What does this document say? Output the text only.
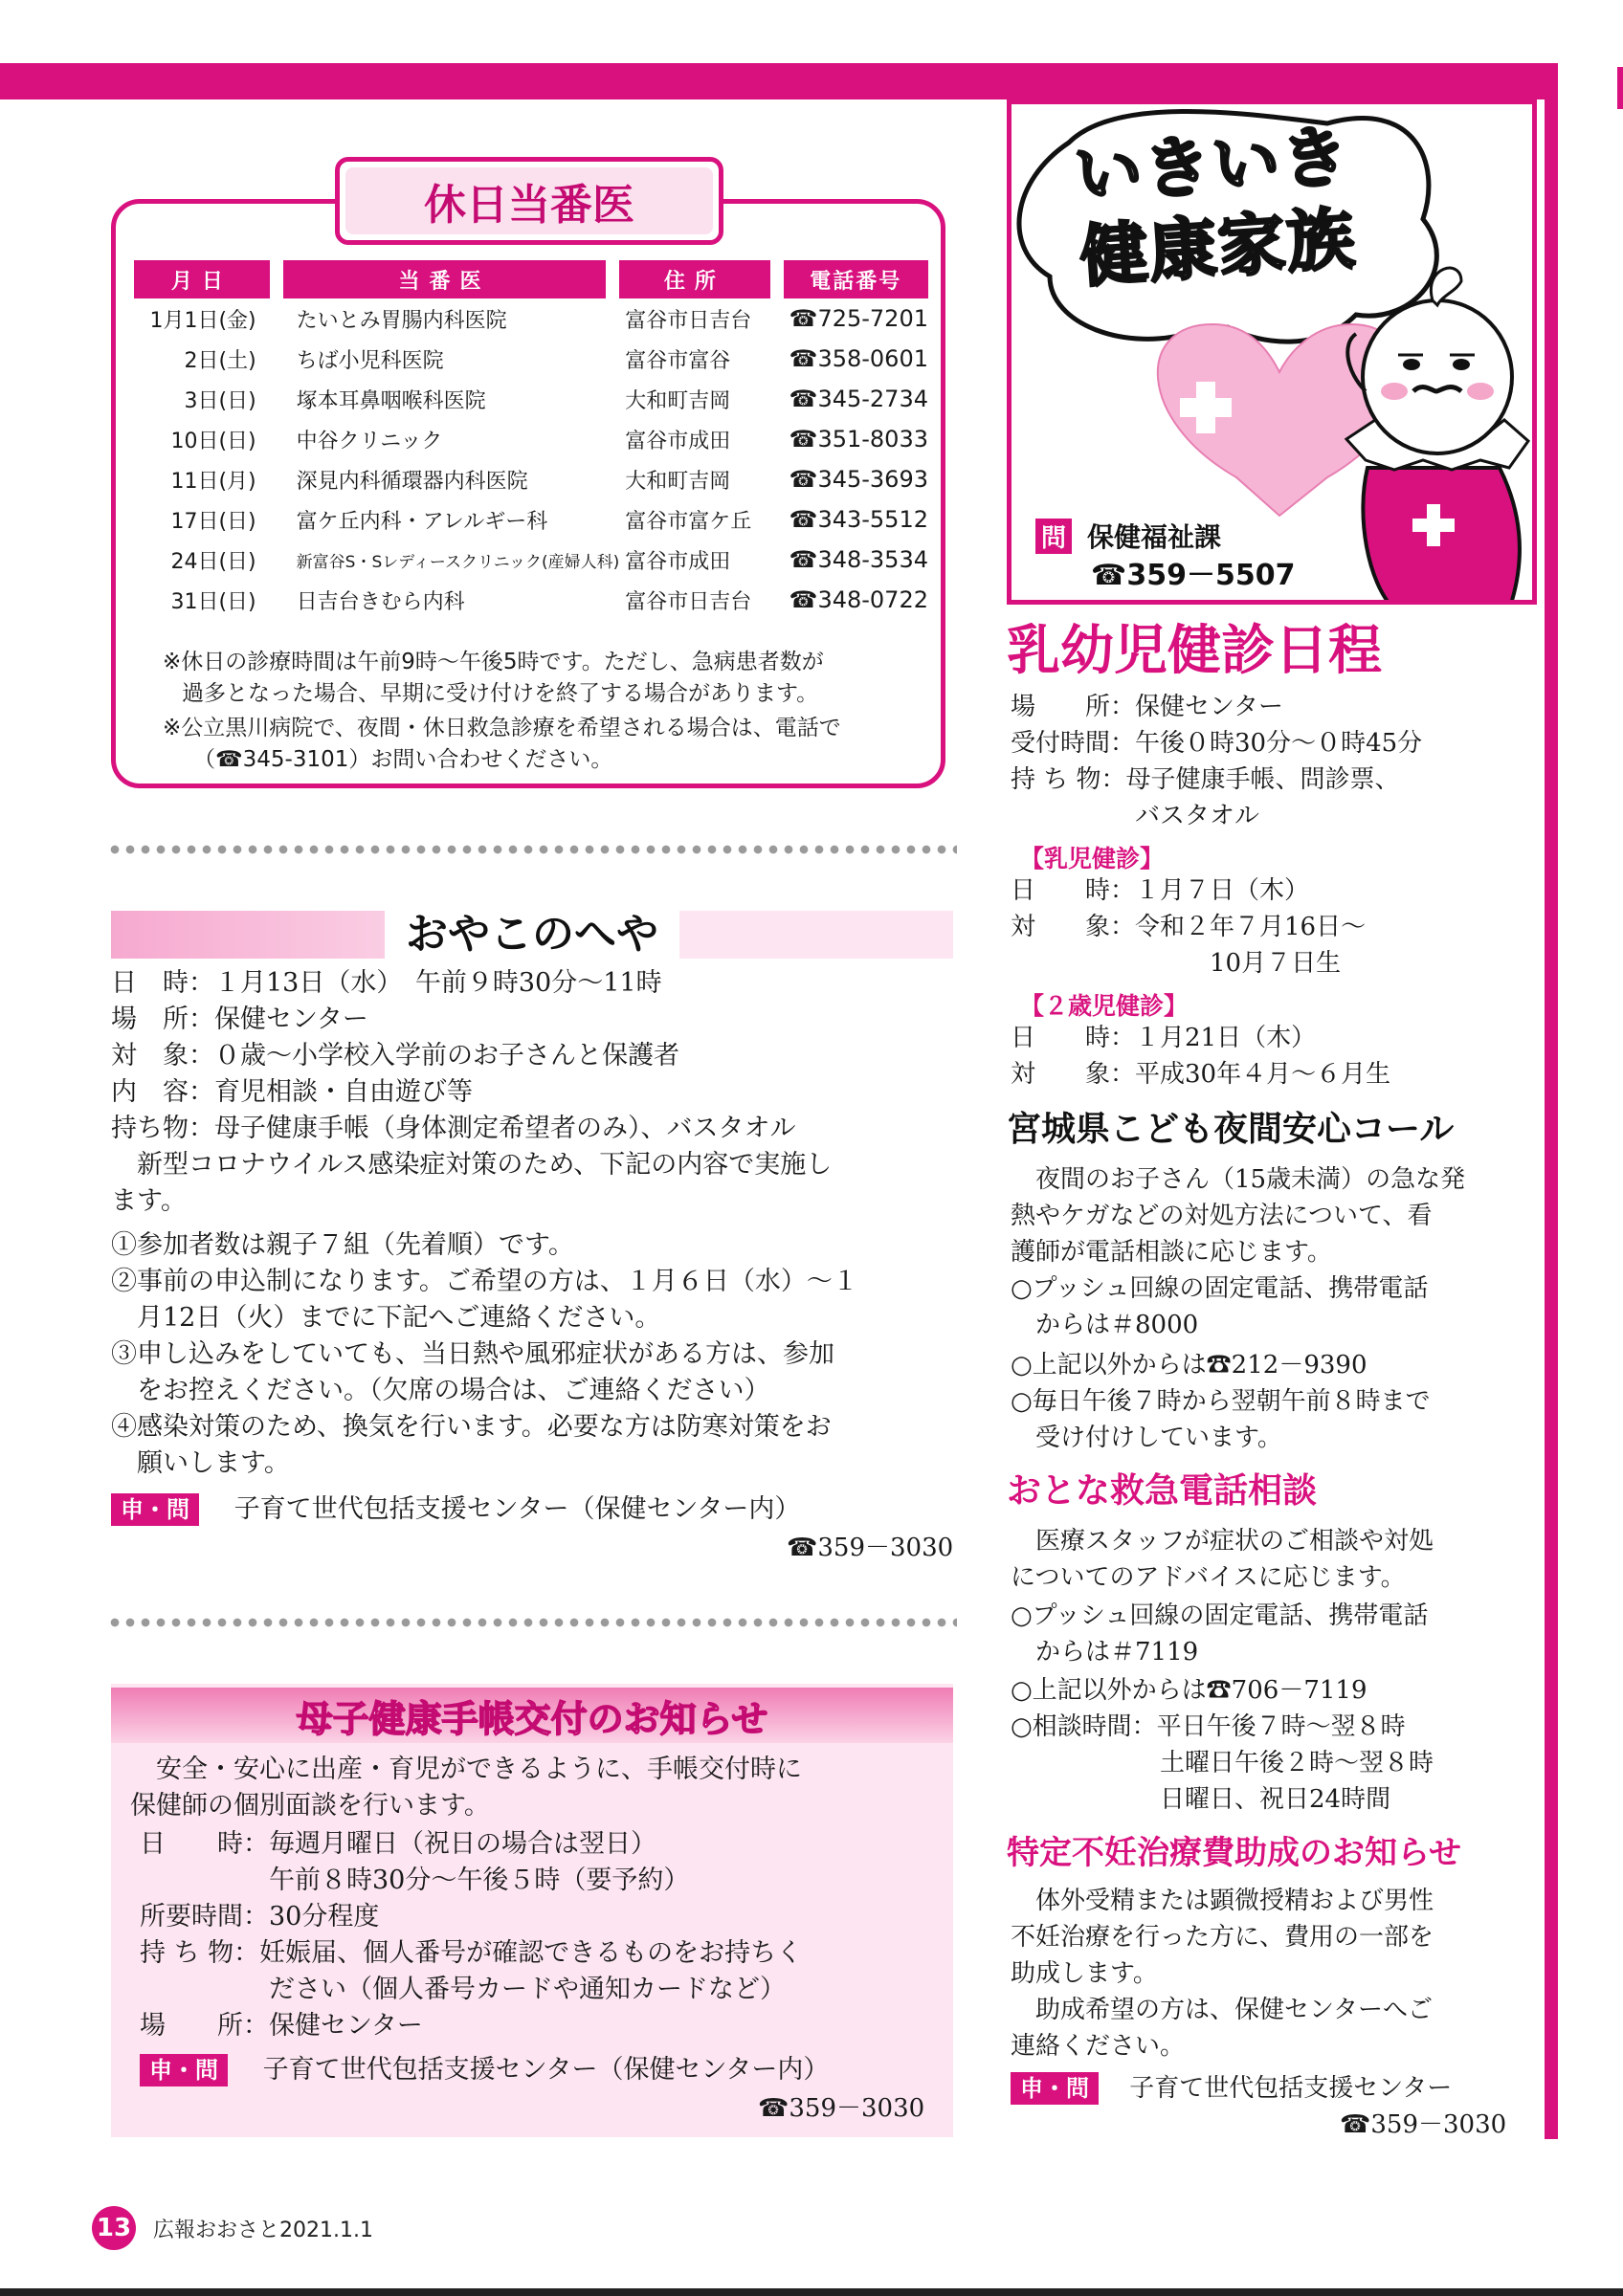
休日当番医
月日	当番医	住所	電話番号
1月1日(金)	たいとみ胃腸内科医院	富谷市日吉台	☎725-7201
2日(土)	ちば小児科医院	富谷市富谷	☎358-0601
3日(日)	塚本耳鼻咽喉科医院	大和町吉岡	☎345-2734
10日(日)	中谷クリニック	富谷市成田	☎351-8033
11日(月)	深見内科循環器内科医院	大和町吉岡	☎345-3693
17日(日)	富ケ丘内科・アレルギー科	富谷市富ケ丘	☎343-5512
24日(日)	新富谷S・Sレディースクリニック(産婦人科)	富谷市成田	☎348-3534
31日(日)	日吉台きむら内科	富谷市日吉台	☎348-0722
※休日の診療時間は午前9時～午後5時です。ただし、急病患者数が
過多となった場合、早期に受け付けを終了する場合があります。
※公立黒川病院で、夜間・休日救急診療を希望される場合は、電話で
（☎345-3101）お問い合わせください。
おやこのへや
日　時：１月13日（水）　午前９時30分～11時
場　所：保健センター
対　象：０歳～小学校入学前のお子さんと保護者
内　容：育児相談・自由遊び等
持ち物：母子健康手帳（身体測定希望者のみ）、バスタオル
　新型コロナウイルス感染症対策のため、下記の内容で実施し
ます。
①参加者数は親子７組（先着順）です。
②事前の申込制になります。ご希望の方は、１月６日（水）～１
　月12日（火）までに下記へご連絡ください。
③申し込みをしていても、当日熱や風邪症状がある方は、参加
　をお控えください。（欠席の場合は、ご連絡ください）
④感染対策のため、換気を行います。必要な方は防寒対策をお
　願いします。
申・問 子育て世代包括支援センター（保健センター内）
☎359－3030
母子健康手帳交付のお知らせ
　安全・安心に出産・育児ができるように、手帳交付時に
保健師の個別面談を行います。
日　　時：毎週月曜日（祝日の場合は翌日）
　　　　　午前８時30分～午後５時（要予約）
所要時間：30分程度
持 ち 物：妊娠届、個人番号が確認できるものをお持ちく
　　　　　ださい（個人番号カードや通知カードなど）
場　　所：保健センター
申・問 子育て世代包括支援センター（保健センター内）
☎359－3030
いきいき
健康家族
問 保健福祉課
☎359－5507
乳幼児健診日程
場　　所：保健センター
受付時間：午後０時30分～０時45分
持 ち 物：母子健康手帳、問診票、
　　　　　バスタオル
【乳児健診】
日　　時：１月７日（木）
対　　象：令和２年７月16日～
　　　　　　　　10月７日生
【２歳児健診】
日　　時：１月21日（木）
対　　象：平成30年４月～６月生
宮城県こども夜間安心コール
　夜間のお子さん（15歳未満）の急な発
熱やケガなどの対処方法について、看
護師が電話相談に応じます。
○プッシュ回線の固定電話、携帯電話
　からは＃8000
○上記以外からは☎212－9390
○毎日午後７時から翌朝午前８時まで
　受け付けしています。
おとな救急電話相談
　医療スタッフが症状のご相談や対処
についてのアドバイスに応じます。
○プッシュ回線の固定電話、携帯電話
　からは＃7119
○上記以外からは☎706－7119
○相談時間：平日午後７時～翌８時
　　　　　　土曜日午後２時～翌８時
　　　　　　日曜日、祝日24時間
特定不妊治療費助成のお知らせ
　体外受精または顕微授精および男性
不妊治療を行った方に、費用の一部を
助成します。
　助成希望の方は、保健センターへご
連絡ください。
申・問 子育て世代包括支援センター
☎359－3030
13 広報おおさと2021.1.1
